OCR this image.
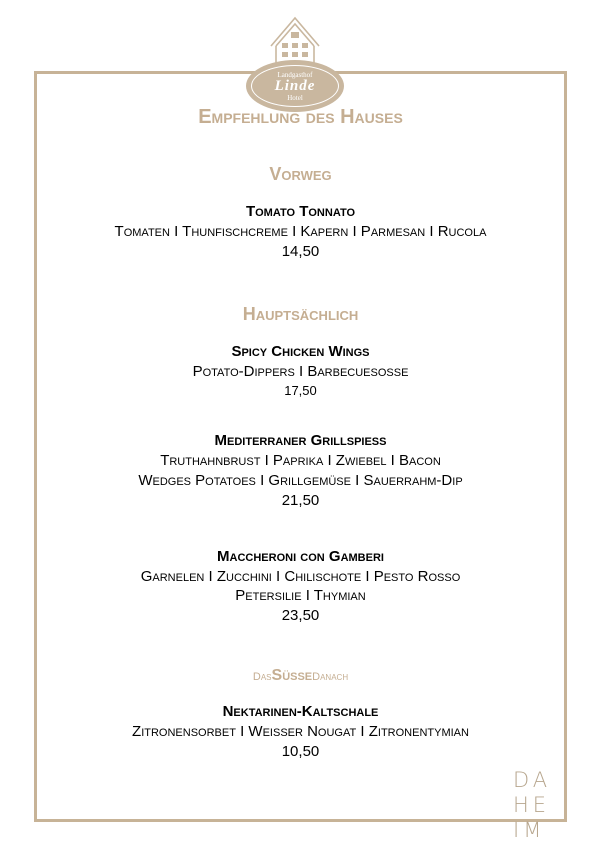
Landgasthof
Linde
Hotel
Empfehlung des Hauses
Vorweg
Tomato Tonnato
Tomaten I Thunfischcreme I Kapern I Parmesan I Rucola
14,50
Hauptsächlich
Spicy Chicken Wings
Potato-Dippers I Barbecuesoße
17,50
Mediterraner Grillspieß
Truthahnbrust I Paprika I Zwiebel I Bacon
Wedges Potatoes I Grillgemüse I Sauerrahm-Dip
21,50
Maccheroni con Gamberi
Garnelen I Zucchini I Chilischote I Pesto Rosso
Petersilie I Thymian
23,50
DasSüßeDanach
Nektarinen-Kaltschale
Zitronensorbet I Weißer Nougat I Zitronentymian
10,50
DA
HE
IM
